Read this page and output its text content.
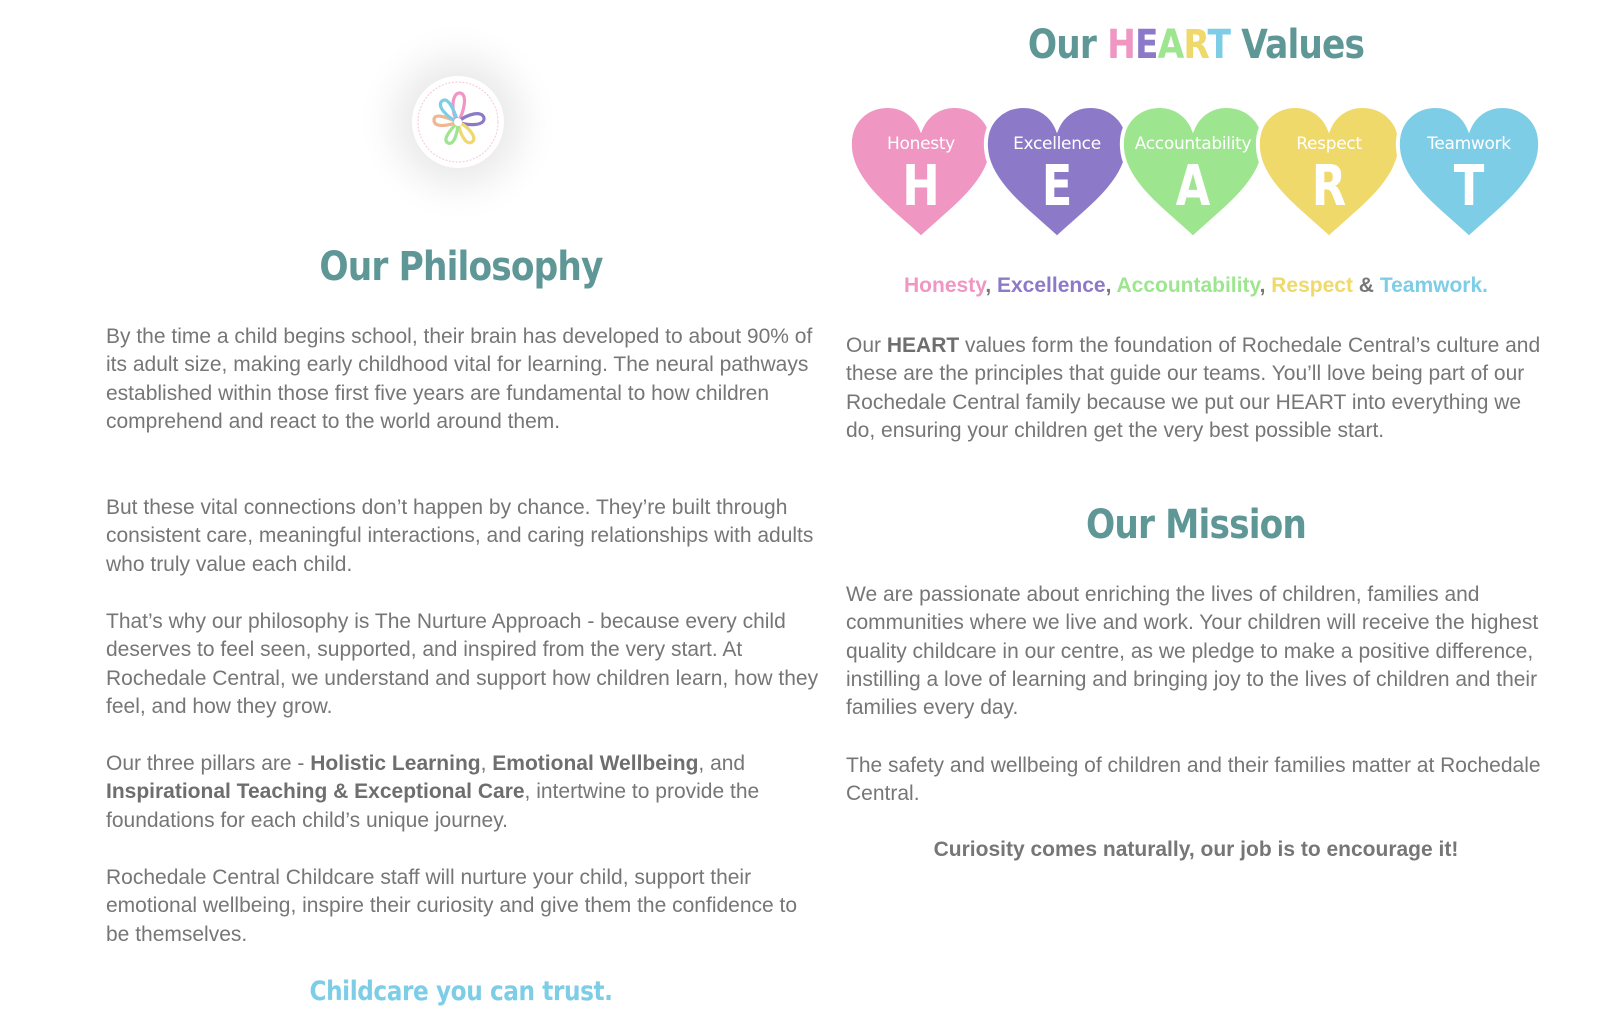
Our Philosophy

By the time a child begins school, their brain has developed to about 90% of its adult size, making early childhood vital for learning. The neural pathways established within those first five years are fundamental to how children comprehend and react to the world around them.

But these vital connections don’t happen by chance. They’re built through consistent care, meaningful interactions, and caring relationships with adults who truly value each child.

That’s why our philosophy is The Nurture Approach - because every child deserves to feel seen, supported, and inspired from the very start. At Rochedale Central, we understand and support how children learn, how they feel, and how they grow.

Our three pillars are - Holistic Learning, Emotional Wellbeing, and Inspirational Teaching & Exceptional Care, intertwine to provide the foundations for each child’s unique journey.

Rochedale Central Childcare staff will nurture your child, support their emotional wellbeing, inspire their curiosity and give them the confidence to be themselves.

Childcare you can trust.
Our HEART Values
Honesty
H
Excellence
E
Accountability
A
Respect
R
Teamwork
T
Honesty, Excellence, Accountability, Respect & Teamwork.

Our HEART values form the foundation of Rochedale Central’s culture and these are the principles that guide our teams. You’ll love being part of our Rochedale Central family because we put our HEART into everything we do, ensuring your children get the very best possible start.

Our Mission

We are passionate about enriching the lives of children, families and communities where we live and work. Your children will receive the highest quality childcare in our centre, as we pledge to make a positive difference, instilling a love of learning and bringing joy to the lives of children and their families every day.

The safety and wellbeing of children and their families matter at Rochedale Central.

Curiosity comes naturally, our job is to encourage it!
